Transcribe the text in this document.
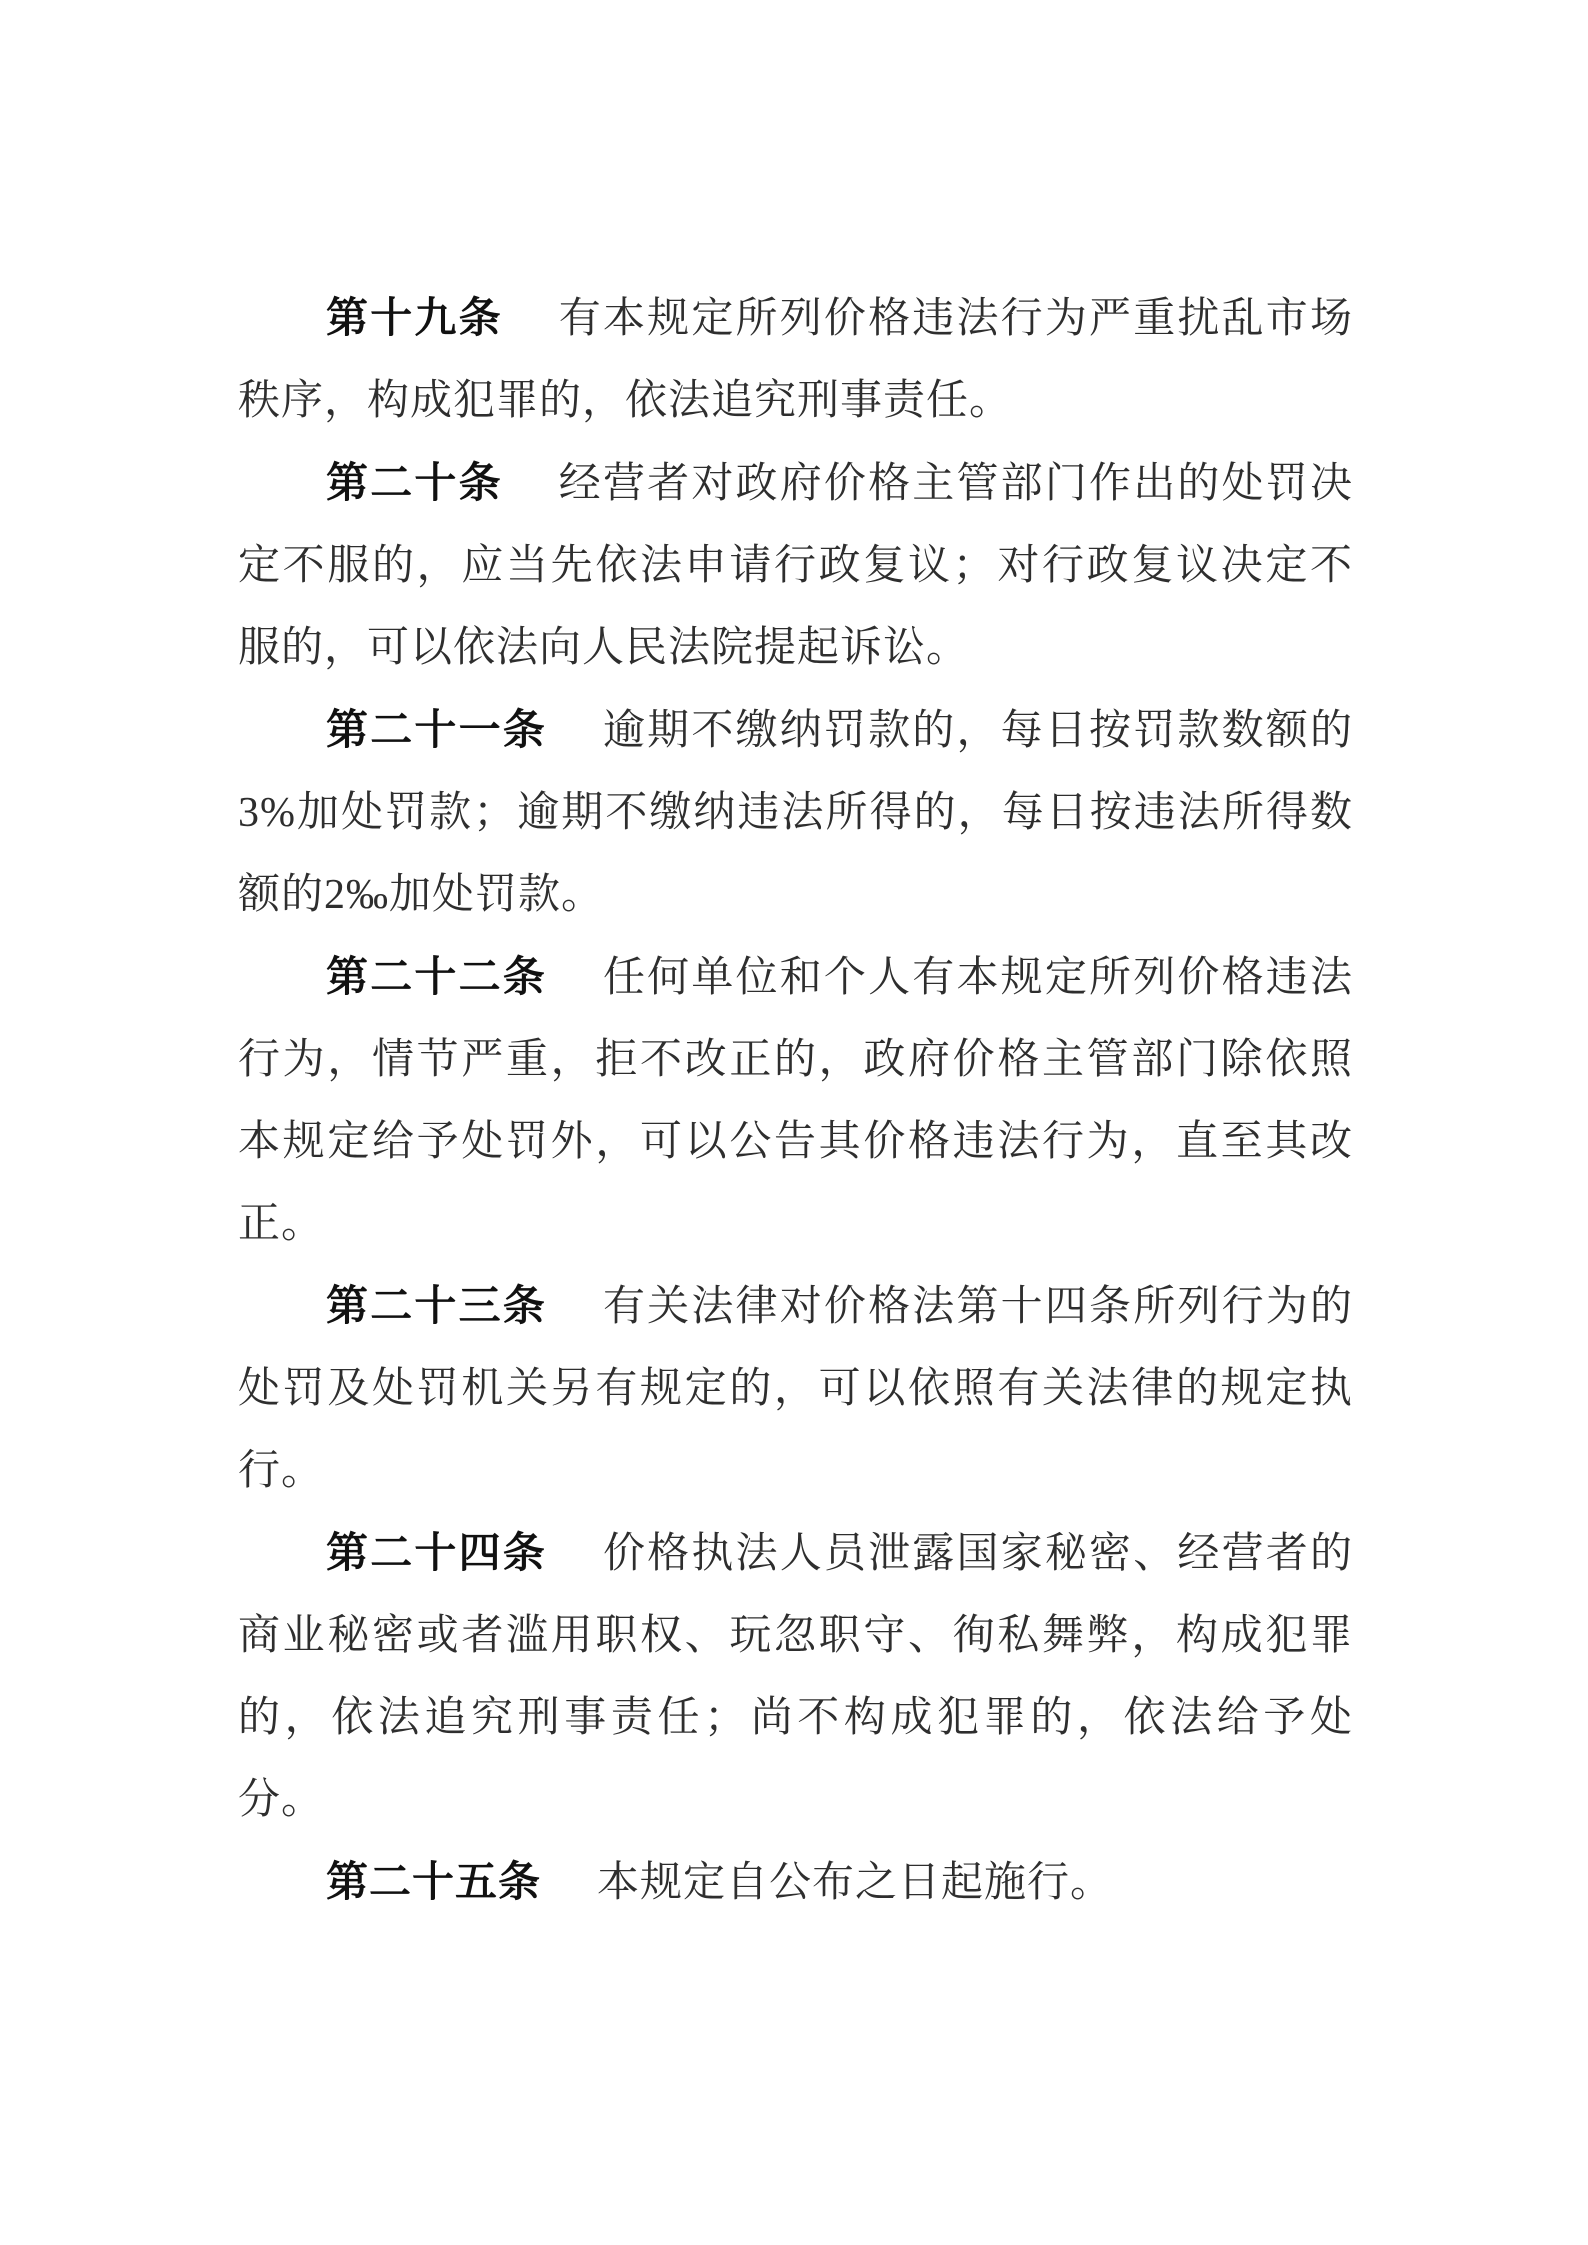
第十九条 有本规定所列价格违法行为严重扰乱市场秩序，构成犯罪的，依法追究刑事责任。

第二十条 经营者对政府价格主管部门作出的处罚决定不服的，应当先依法申请行政复议；对行政复议决定不服的，可以依法向人民法院提起诉讼。

第二十一条 逾期不缴纳罚款的，每日按罚款数额的 3%加处罚款；逾期不缴纳违法所得的，每日按违法所得数额的2‰加处罚款。

第二十二条 任何单位和个人有本规定所列价格违法行为，情节严重，拒不改正的，政府价格主管部门除依照本规定给予处罚外，可以公告其价格违法行为，直至其改正。

第二十三条 有关法律对价格法第十四条所列行为的处罚及处罚机关另有规定的，可以依照有关法律的规定执行。

第二十四条 价格执法人员泄露国家秘密、经营者的商业秘密或者滥用职权、玩忽职守、徇私舞弊，构成犯罪的，依法追究刑事责任；尚不构成犯罪的，依法给予处分。

第二十五条 本规定自公布之日起施行。
